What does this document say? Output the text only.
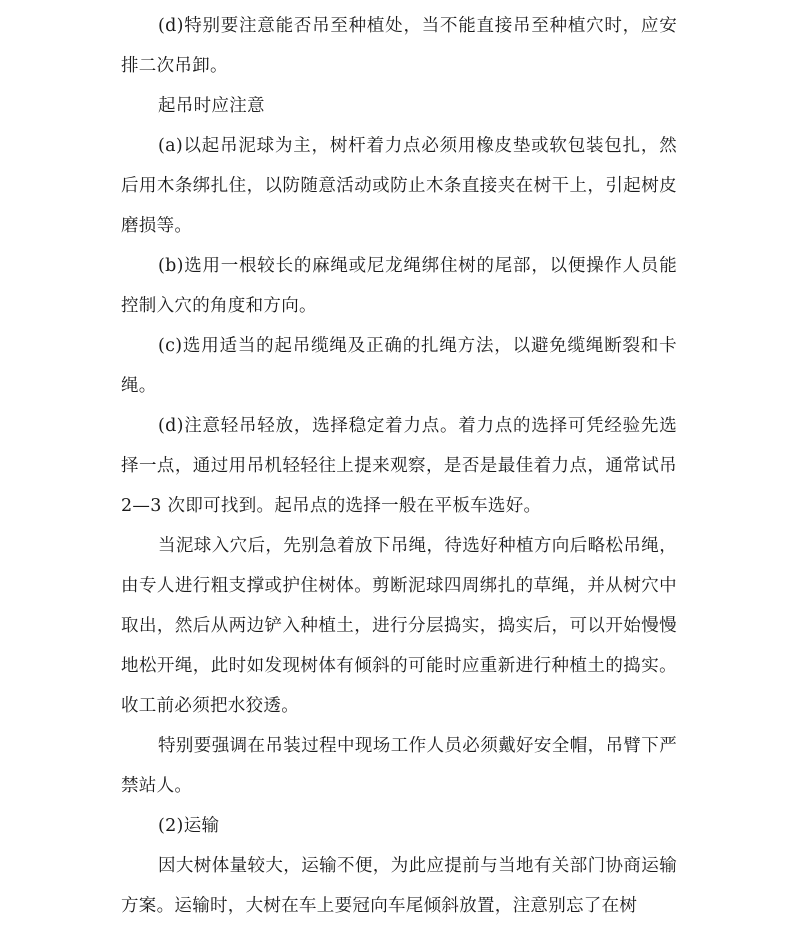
(d)特别要注意能否吊至种植处，当不能直接吊至种植穴时，应安排二次吊卸。

起吊时应注意

(a)以起吊泥球为主，树杆着力点必须用橡皮垫或软包装包扎，然后用木条绑扎住，以防随意活动或防止木条直接夹在树干上，引起树皮磨损等。

(b)选用一根较长的麻绳或尼龙绳绑住树的尾部，以便操作人员能控制入穴的角度和方向。

(c)选用适当的起吊缆绳及正确的扎绳方法，以避免缆绳断裂和卡绳。

(d)注意轻吊轻放，选择稳定着力点。着力点的选择可凭经验先选择一点，通过用吊机轻轻往上提来观察，是否是最佳着力点，通常试吊 2—3 次即可找到。起吊点的选择一般在平板车选好。

当泥球入穴后，先别急着放下吊绳，待选好种植方向后略松吊绳，由专人进行粗支撑或护住树体。剪断泥球四周绑扎的草绳，并从树穴中取出，然后从两边铲入种植土，进行分层捣实，捣实后，可以开始慢慢地松开绳，此时如发现树体有倾斜的可能时应重新进行种植土的捣实。收工前必须把水狡透。

特别要强调在吊装过程中现场工作人员必须戴好安全帽，吊臂下严禁站人。

(2)运输

因大树体量较大，运输不便，为此应提前与当地有关部门协商运输方案。运输时，大树在车上要冠向车尾倾斜放置，注意别忘了在树
